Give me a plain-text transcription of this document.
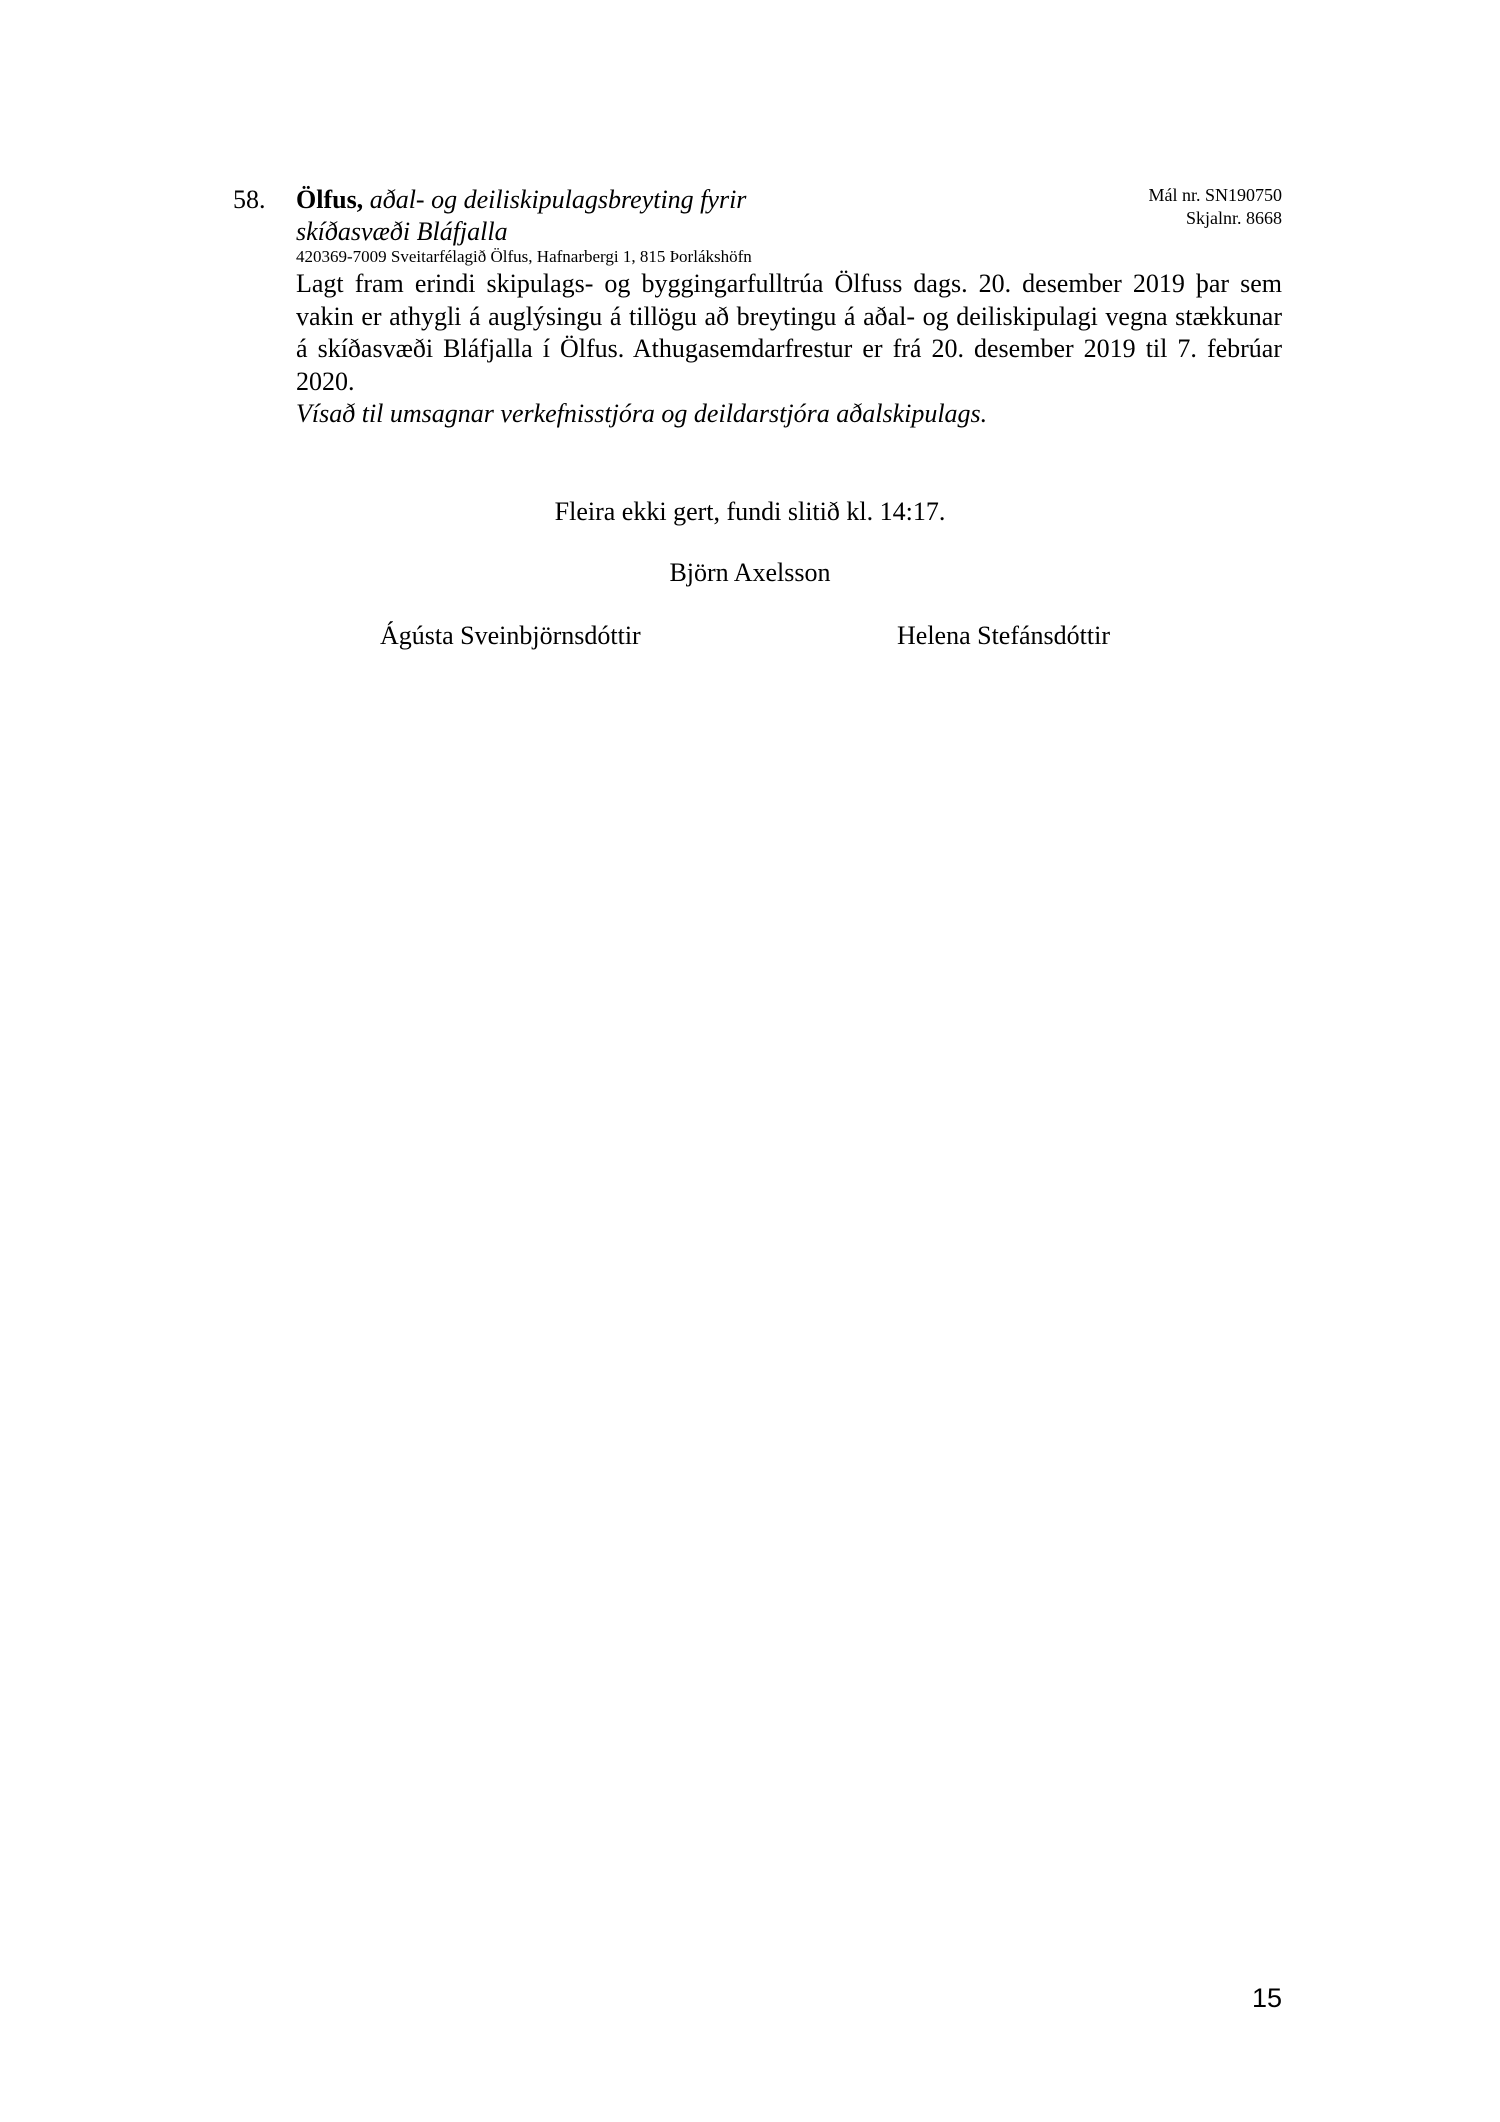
58. Ölfus, aðal- og deiliskipulagsbreyting fyrir skíðasvæði Bláfjalla
Mál nr. SN190750
Skjalnr. 8668
420369-7009 Sveitarfélagið Ölfus, Hafnarbergi 1, 815 Þorlákshöfn
Lagt fram erindi skipulags- og byggingarfulltrúa Ölfuss dags. 20. desember 2019 þar sem vakin er athygli á auglýsingu á tillögu að breytingu á aðal- og deiliskipulagi vegna stækkunar á skíðasvæði Bláfjalla í Ölfus. Athugasemdarfrestur er frá 20. desember 2019 til 7. febrúar 2020.
Vísað til umsagnar verkefnisstjóra og deildarstjóra aðalskipulags.
Fleira ekki gert, fundi slitið kl. 14:17.
Björn Axelsson
Ágústa Sveinbjörnsdóttir	Helena Stefánsdóttir
15
